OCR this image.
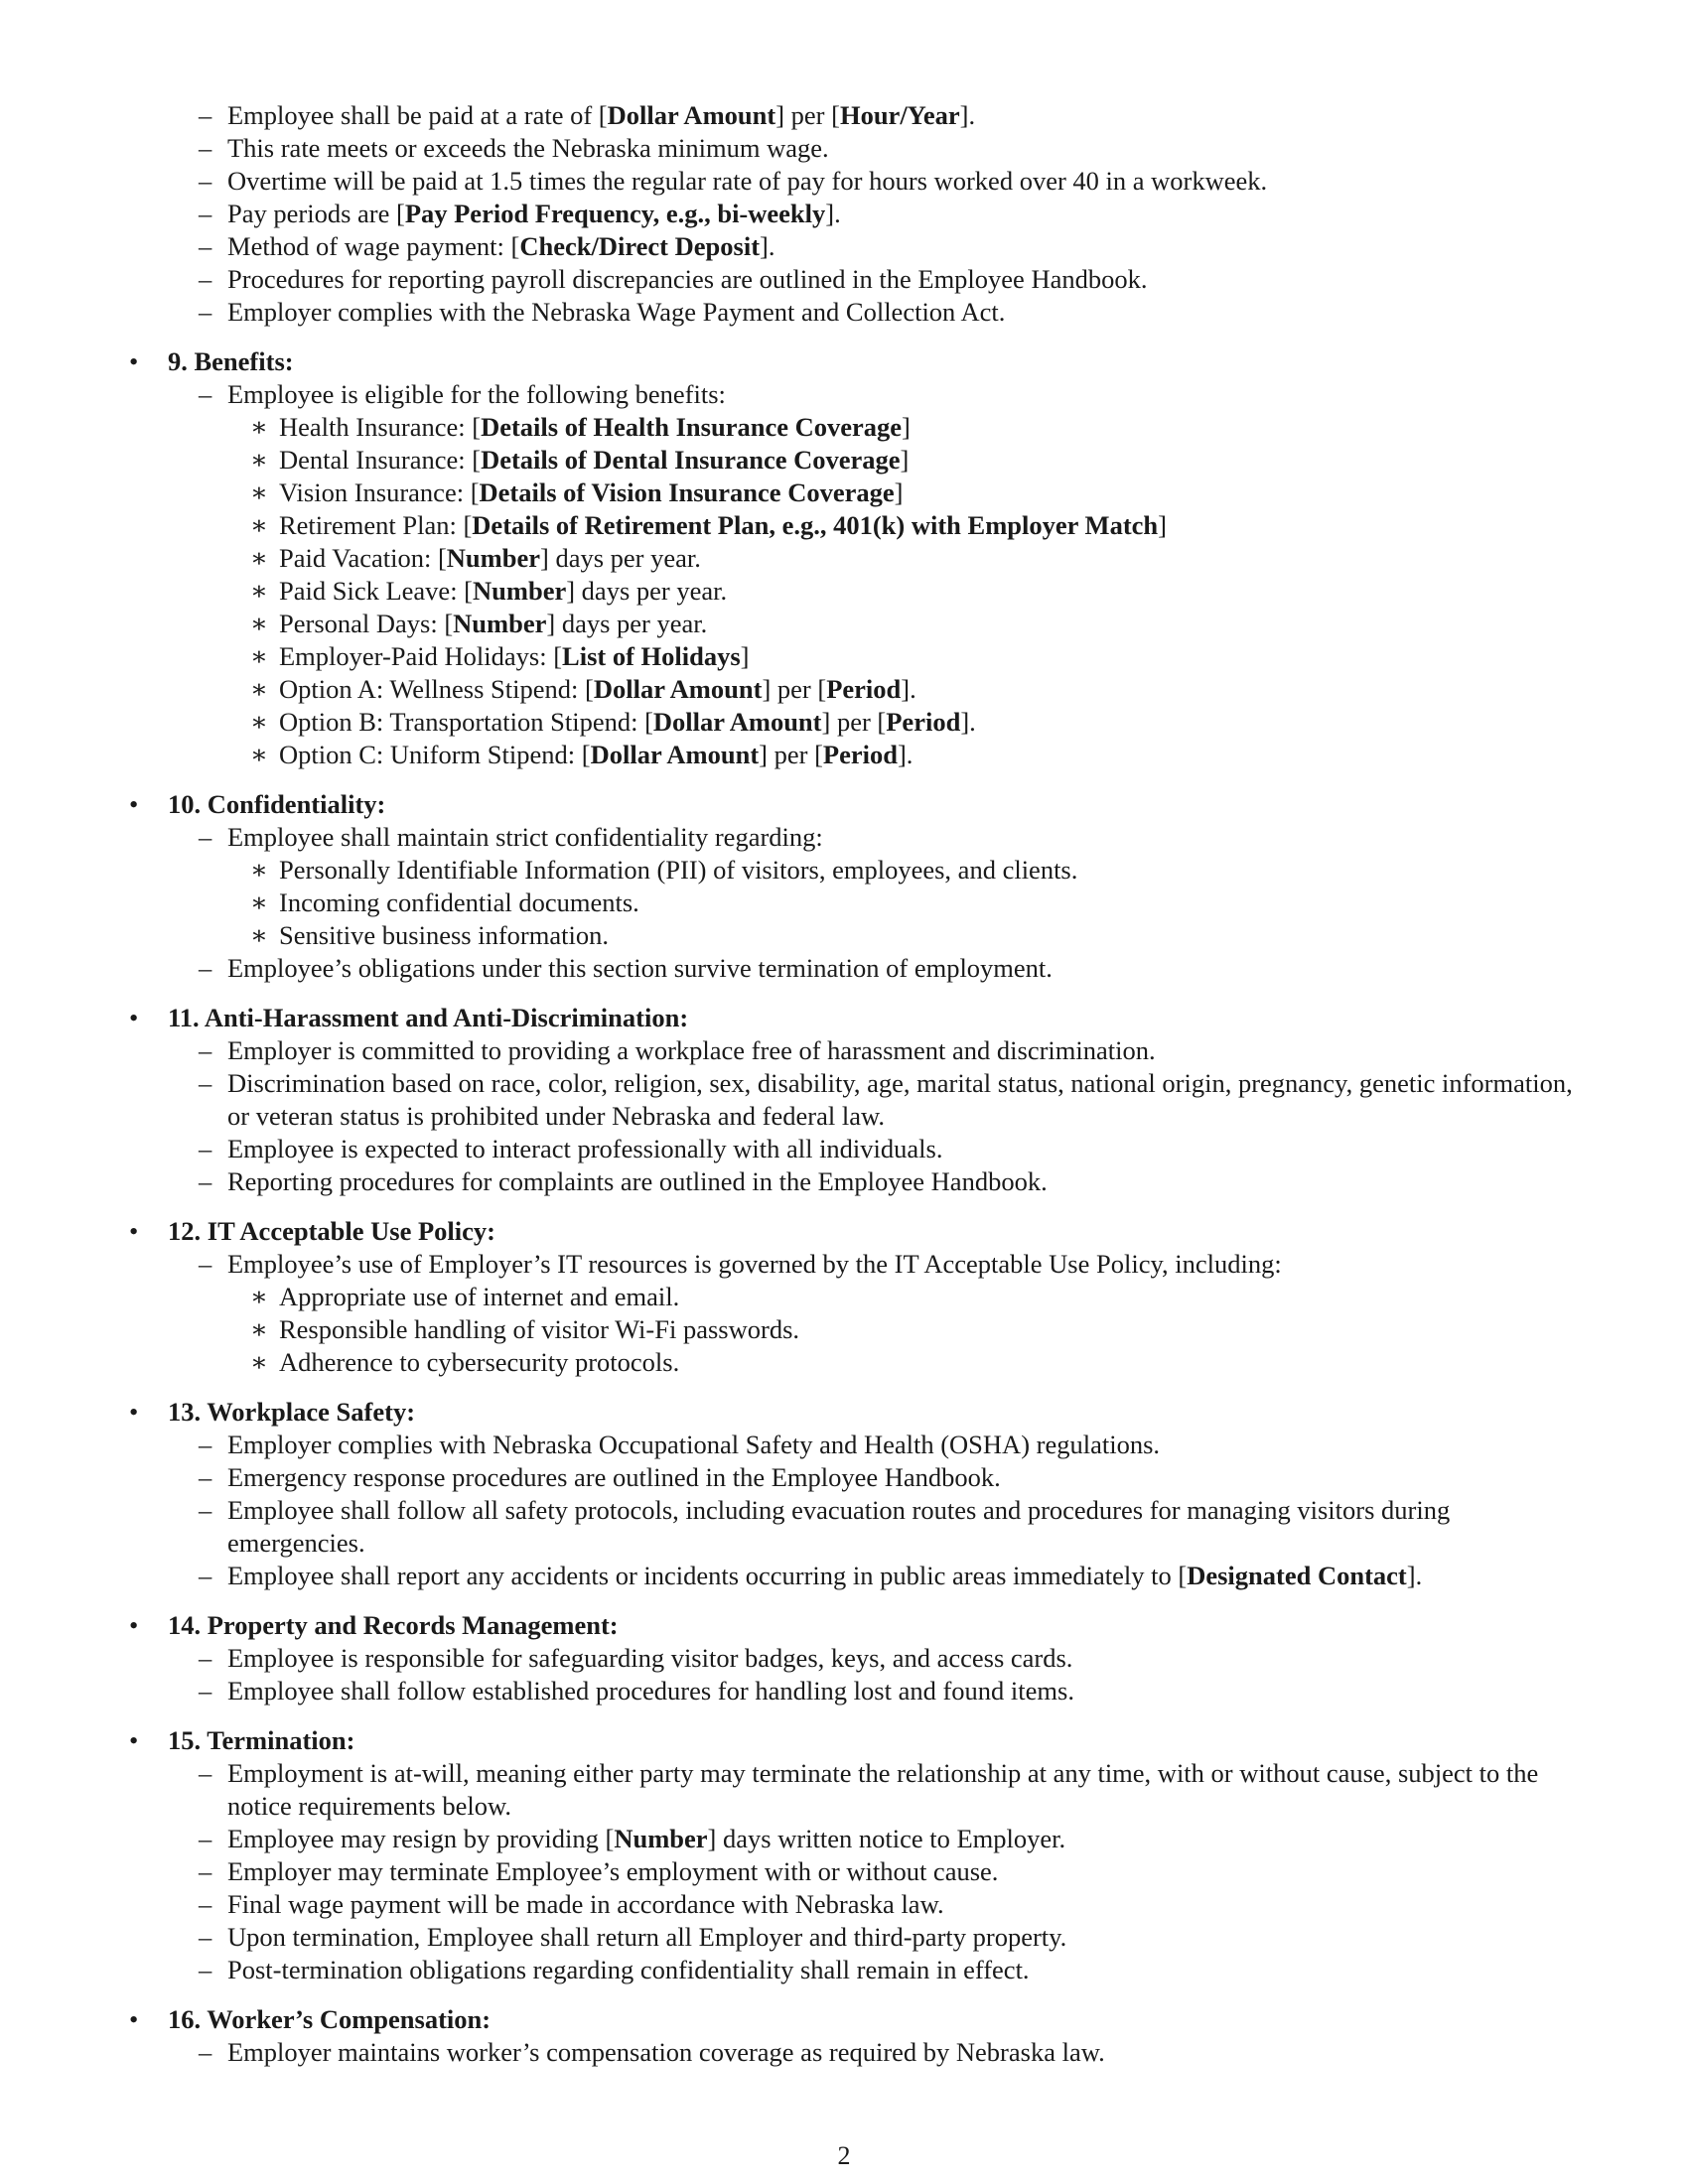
– Employee shall be paid at a rate of [Dollar Amount] per [Hour/Year].
– This rate meets or exceeds the Nebraska minimum wage.
– Overtime will be paid at 1.5 times the regular rate of pay for hours worked over 40 in a workweek.
– Pay periods are [Pay Period Frequency, e.g., bi-weekly].
– Method of wage payment: [Check/Direct Deposit].
– Procedures for reporting payroll discrepancies are outlined in the Employee Handbook.
– Employer complies with the Nebraska Wage Payment and Collection Act.
• 9. Benefits:
– Employee is eligible for the following benefits:
∗ Health Insurance: [Details of Health Insurance Coverage]
∗ Dental Insurance: [Details of Dental Insurance Coverage]
∗ Vision Insurance: [Details of Vision Insurance Coverage]
∗ Retirement Plan: [Details of Retirement Plan, e.g., 401(k) with Employer Match]
∗ Paid Vacation: [Number] days per year.
∗ Paid Sick Leave: [Number] days per year.
∗ Personal Days: [Number] days per year.
∗ Employer-Paid Holidays: [List of Holidays]
∗ Option A: Wellness Stipend: [Dollar Amount] per [Period].
∗ Option B: Transportation Stipend: [Dollar Amount] per [Period].
∗ Option C: Uniform Stipend: [Dollar Amount] per [Period].
• 10. Confidentiality:
– Employee shall maintain strict confidentiality regarding:
∗ Personally Identifiable Information (PII) of visitors, employees, and clients.
∗ Incoming confidential documents.
∗ Sensitive business information.
– Employee’s obligations under this section survive termination of employment.
• 11. Anti-Harassment and Anti-Discrimination:
– Employer is committed to providing a workplace free of harassment and discrimination.
– Discrimination based on race, color, religion, sex, disability, age, marital status, national origin, pregnancy, genetic information, or veteran status is prohibited under Nebraska and federal law.
– Employee is expected to interact professionally with all individuals.
– Reporting procedures for complaints are outlined in the Employee Handbook.
• 12. IT Acceptable Use Policy:
– Employee’s use of Employer’s IT resources is governed by the IT Acceptable Use Policy, including:
∗ Appropriate use of internet and email.
∗ Responsible handling of visitor Wi-Fi passwords.
∗ Adherence to cybersecurity protocols.
• 13. Workplace Safety:
– Employer complies with Nebraska Occupational Safety and Health (OSHA) regulations.
– Emergency response procedures are outlined in the Employee Handbook.
– Employee shall follow all safety protocols, including evacuation routes and procedures for managing visitors during emergencies.
– Employee shall report any accidents or incidents occurring in public areas immediately to [Designated Contact].
• 14. Property and Records Management:
– Employee is responsible for safeguarding visitor badges, keys, and access cards.
– Employee shall follow established procedures for handling lost and found items.
• 15. Termination:
– Employment is at-will, meaning either party may terminate the relationship at any time, with or without cause, subject to the notice requirements below.
– Employee may resign by providing [Number] days written notice to Employer.
– Employer may terminate Employee’s employment with or without cause.
– Final wage payment will be made in accordance with Nebraska law.
– Upon termination, Employee shall return all Employer and third-party property.
– Post-termination obligations regarding confidentiality shall remain in effect.
• 16. Worker’s Compensation:
– Employer maintains worker’s compensation coverage as required by Nebraska law.
2
